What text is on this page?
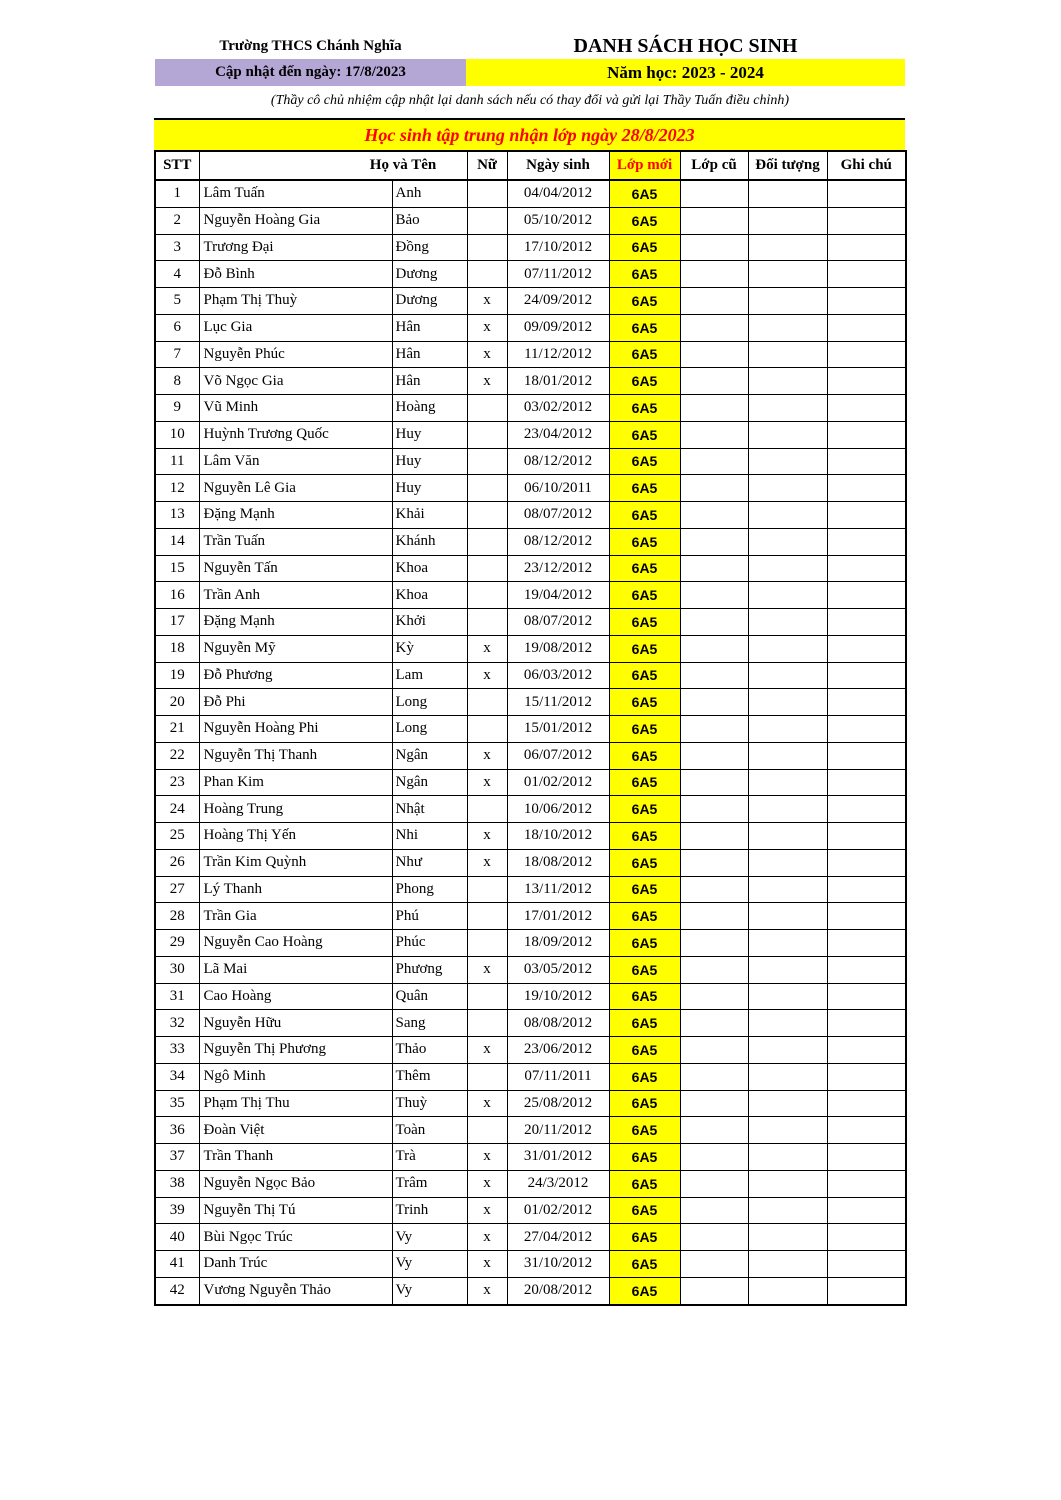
Trường THCS Chánh Nghĩa	DANH SÁCH HỌC SINH
Cập nhật đến ngày: 17/8/2023	Năm học: 2023 - 2024
(Thầy cô chủ nhiệm cập nhật lại danh sách nếu có thay đổi và gửi lại Thầy Tuấn điều chỉnh)
Học sinh tập trung nhận lớp ngày 28/8/2023
STT	Họ và Tên		Nữ	Ngày sinh	Lớp mới	Lớp cũ	Đối tượng	Ghi chú
1	Lâm Tuấn	Anh		04/04/2012	6A5			
2	Nguyễn Hoàng Gia	Bảo		05/10/2012	6A5			
3	Trương Đại	Đồng		17/10/2012	6A5			
4	Đỗ Bình	Dương		07/11/2012	6A5			
5	Phạm Thị Thuỳ	Dương	x	24/09/2012	6A5			
6	Lục Gia	Hân	x	09/09/2012	6A5			
7	Nguyễn Phúc	Hân	x	11/12/2012	6A5			
8	Võ Ngọc Gia	Hân	x	18/01/2012	6A5			
9	Vũ Minh	Hoàng		03/02/2012	6A5			
10	Huỳnh Trương Quốc	Huy		23/04/2012	6A5			
11	Lâm Văn	Huy		08/12/2012	6A5			
12	Nguyễn Lê Gia	Huy		06/10/2011	6A5			
13	Đặng Mạnh	Khải		08/07/2012	6A5			
14	Trần Tuấn	Khánh		08/12/2012	6A5			
15	Nguyễn Tấn	Khoa		23/12/2012	6A5			
16	Trần Anh	Khoa		19/04/2012	6A5			
17	Đặng Mạnh	Khởi		08/07/2012	6A5			
18	Nguyễn Mỹ	Kỳ	x	19/08/2012	6A5			
19	Đỗ Phương	Lam	x	06/03/2012	6A5			
20	Đỗ Phi	Long		15/11/2012	6A5			
21	Nguyễn Hoàng Phi	Long		15/01/2012	6A5			
22	Nguyễn Thị Thanh	Ngân	x	06/07/2012	6A5			
23	Phan Kim	Ngân	x	01/02/2012	6A5			
24	Hoàng Trung	Nhật		10/06/2012	6A5			
25	Hoàng Thị Yến	Nhi	x	18/10/2012	6A5			
26	Trần Kim Quỳnh	Như	x	18/08/2012	6A5			
27	Lý Thanh	Phong		13/11/2012	6A5			
28	Trần Gia	Phú		17/01/2012	6A5			
29	Nguyễn Cao Hoàng	Phúc		18/09/2012	6A5			
30	Lã Mai	Phương	x	03/05/2012	6A5			
31	Cao Hoàng	Quân		19/10/2012	6A5			
32	Nguyễn Hữu	Sang		08/08/2012	6A5			
33	Nguyễn Thị Phương	Thảo	x	23/06/2012	6A5			
34	Ngô Minh	Thêm		07/11/2011	6A5			
35	Phạm Thị Thu	Thuỳ	x	25/08/2012	6A5			
36	Đoàn Việt	Toàn		20/11/2012	6A5			
37	Trần Thanh	Trà	x	31/01/2012	6A5			
38	Nguyễn Ngọc Bảo	Trâm	x	24/3/2012	6A5			
39	Nguyễn Thị Tú	Trinh	x	01/02/2012	6A5			
40	Bùi Ngọc Trúc	Vy	x	27/04/2012	6A5			
41	Danh Trúc	Vy	x	31/10/2012	6A5			
42	Vương Nguyễn Thảo	Vy	x	20/08/2012	6A5			
